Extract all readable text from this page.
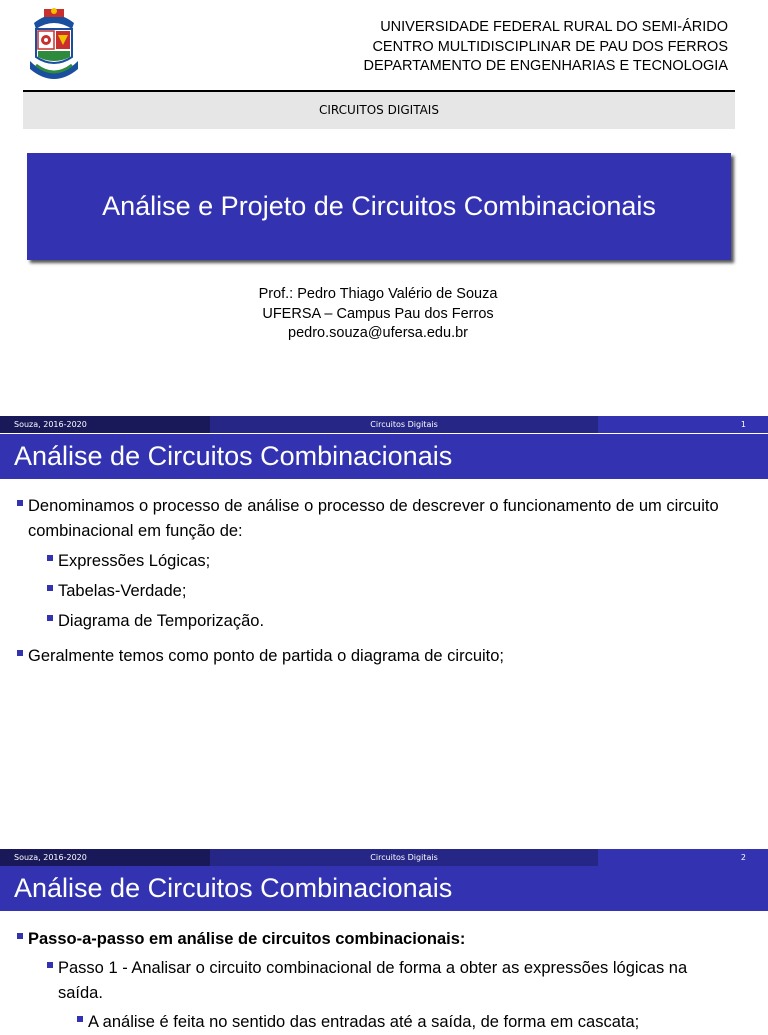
UNIVERSIDADE FEDERAL RURAL DO SEMI-ÁRIDO
CENTRO MULTIDISCIPLINAR DE PAU DOS FERROS
DEPARTAMENTO DE ENGENHARIAS E TECNOLOGIA
CIRCUITOS DIGITAIS
Análise e Projeto de Circuitos Combinacionais
Prof.: Pedro Thiago Valério de Souza
UFERSA – Campus Pau dos Ferros
pedro.souza@ufersa.edu.br
Souza, 2016-2020	Circuitos Digitais	1
Análise de Circuitos Combinacionais
Denominamos o processo de análise o processo de descrever o funcionamento de um circuito combinacional em função de:
Expressões Lógicas;
Tabelas-Verdade;
Diagrama de Temporização.
Geralmente temos como ponto de partida o diagrama de circuito;
Souza, 2016-2020	Circuitos Digitais	2
Análise de Circuitos Combinacionais
Passo-a-passo em análise de circuitos combinacionais:
Passo 1 - Analisar o circuito combinacional de forma a obter as expressões lógicas na saída.
A análise é feita no sentido das entradas até a saída, de forma em cascata;
